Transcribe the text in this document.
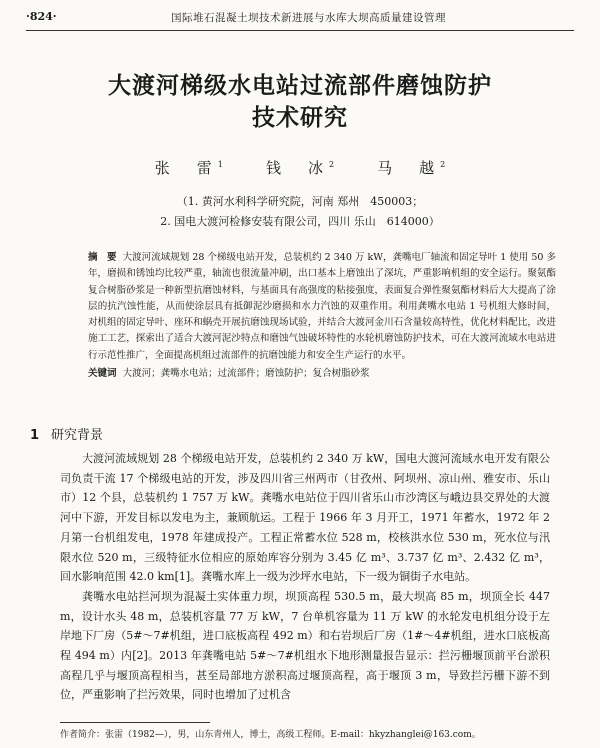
·824·	国际堆石混凝土坝技术新进展与水库大坝高质量建设管理
大渡河梯级水电站过流部件磨蚀防护
技术研究
张　雷$^1$	钱　冰$^2$	马　越$^2$
（1. 黄河水利科学研究院，河南 郑州　450003；
2. 国电大渡河检修安装有限公司，四川 乐山　614000）
摘　要 大渡河流域规划 28 个梯级电站开发，总装机约 2 340 万 kW，龚嘴电厂轴流和固定导叶 1 使用 50 多年，磨损和锈蚀均比较严重，轴流也很流量冲刷，出口基本上磨蚀出了深坑，严重影响机组的安全运行。聚氨酯复合树脂砂浆是一种新型抗磨蚀材料，与基面具有高强度的粘接强度，表面复合弹性聚氨酯材料后大大提高了涂层的抗汽蚀性能，从而使涂层具有抵御泥沙磨损和水力汽蚀的双重作用。利用龚嘴水电站 1 号机组大修时间，对机组的固定导叶、座环和蜗壳开展抗磨蚀现场试验，并结合大渡河金川石含量较高特性，优化材料配比，改进施工工艺，探索出了适合大渡河泥沙特点和磨蚀气蚀破坏特性的水轮机磨蚀防护技术，可在大渡河流域水电站进行示范性推广，全面提高机组过流部件的抗磨蚀能力和安全生产运行的水平。
关键词 大渡河；龚嘴水电站；过流部件；磨蚀防护；复合树脂砂浆
1 研究背景

大渡河流域规划 28 个梯级电站开发，总装机约 2 340 万 kW，国电大渡河流域水电开发有限公司负责干流 17 个梯级电站的开发，涉及四川省三州两市（甘孜州、阿坝州、凉山州、雅安市、乐山市）12 个县，总装机约 1 757 万 kW。龚嘴水电站位于四川省乐山市沙湾区与峨边县交界处的大渡河中下游，开发目标以发电为主，兼顾航运。工程于 1966 年 3 月开工，1971 年蓄水，1972 年 2 月第一台机组发电，1978 年建成投产。工程正常蓄水位 528 m，校核洪水位 530 m，死水位与汛限水位 520 m，三级特征水位相应的原始库容分别为 3.45 亿 m³、3.737 亿 m³、2.432 亿 m³，回水影响范围 42.0 km[1]。龚嘴水库上一级为沙坪水电站，下一级为铜街子水电站。

龚嘴水电站拦河坝为混凝土实体重力坝，坝顶高程 530.5 m，最大坝高 85 m，坝顶全长 447 m，设计水头 48 m，总装机容量 77 万 kW，7 台单机容量为 11 万 kW 的水轮发电机组分设于左岸地下厂房（5#～7#机组，进口底板高程 492 m）和右岩坝后厂房（1#～4#机组，进水口底板高程 494 m）内[2]。2013 年龚嘴电站 5#～7#机组水下地形测量报告显示：拦污栅堰顶前平台淤积高程几乎与堰顶高程相当，甚至局部地方淤积高过堰顶高程，高于堰顶 3 m，导致拦污栅下游不到位，严重影响了拦污效果，同时也增加了过机含

作者简介：张雷（1982—），男，山东青州人，博士，高级工程师。E-mail：hkyzhanglei@163.com。
